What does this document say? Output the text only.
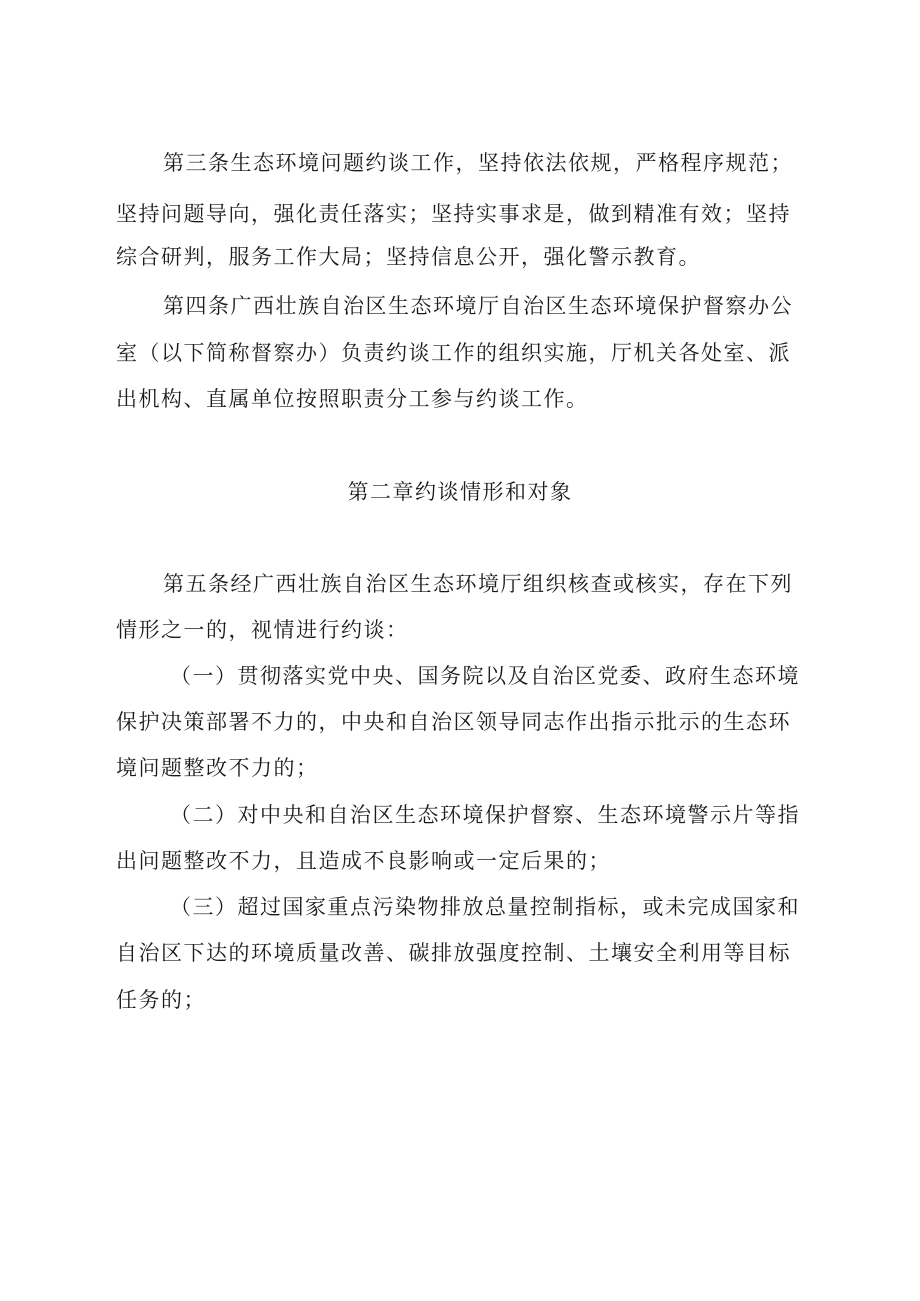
第三条生态环境问题约谈工作，坚持依法依规，严格程序规范；
坚持问题导向，强化责任落实；坚持实事求是，做到精准有效；坚持
综合研判，服务工作大局；坚持信息公开，强化警示教育。
第四条广西壮族自治区生态环境厅自治区生态环境保护督察办公
室（以下简称督察办）负责约谈工作的组织实施，厅机关各处室、派
出机构、直属单位按照职责分工参与约谈工作。
第二章约谈情形和对象
第五条经广西壮族自治区生态环境厅组织核查或核实，存在下列
情形之一的，视情进行约谈：
（一）贯彻落实党中央、国务院以及自治区党委、政府生态环境
保护决策部署不力的，中央和自治区领导同志作出指示批示的生态环
境问题整改不力的；
（二）对中央和自治区生态环境保护督察、生态环境警示片等指
出问题整改不力，且造成不良影响或一定后果的；
（三）超过国家重点污染物排放总量控制指标，或未完成国家和
自治区下达的环境质量改善、碳排放强度控制、土壤安全利用等目标
任务的；
